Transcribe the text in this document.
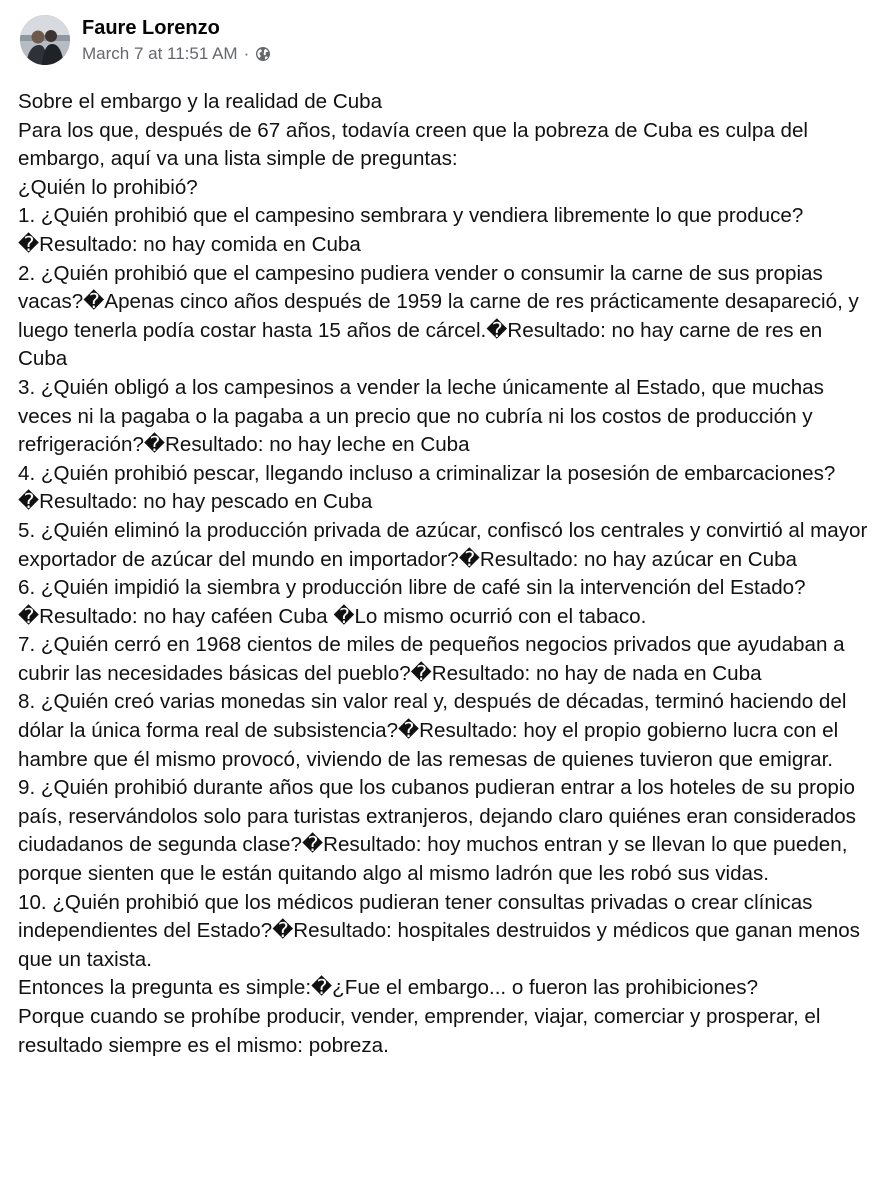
Faure Lorenzo
March 7 at 11:51 AM ·

Sobre el embargo y la realidad de Cuba

Para los que, después de 67 años, todavía creen que la pobreza de Cuba es culpa del embargo, aquí va una lista simple de preguntas:

¿Quién lo prohibió?

1. ¿Quién prohibió que el campesino sembrara y vendiera libremente lo que produce?�Resultado: no hay comida en Cuba

2. ¿Quién prohibió que el campesino pudiera vender o consumir la carne de sus propias vacas?�Apenas cinco años después de 1959 la carne de res prácticamente desapareció, y luego tenerla podía costar hasta 15 años de cárcel.�Resultado: no hay carne de res en Cuba

3. ¿Quién obligó a los campesinos a vender la leche únicamente al Estado, que muchas veces ni la pagaba o la pagaba a un precio que no cubría ni los costos de producción y refrigeración?�Resultado: no hay leche en Cuba

4. ¿Quién prohibió pescar, llegando incluso a criminalizar la posesión de embarcaciones?�Resultado: no hay pescado en Cuba

5. ¿Quién eliminó la producción privada de azúcar, confiscó los centrales y convirtió al mayor exportador de azúcar del mundo en importador?�Resultado: no hay azúcar en Cuba

6. ¿Quién impidió la siembra y producción libre de café sin la intervención del Estado?�Resultado: no hay caféen Cuba �Lo mismo ocurrió con el tabaco.

7. ¿Quién cerró en 1968 cientos de miles de pequeños negocios privados que ayudaban a cubrir las necesidades básicas del pueblo?�Resultado: no hay de nada en Cuba

8. ¿Quién creó varias monedas sin valor real y, después de décadas, terminó haciendo del dólar la única forma real de subsistencia?�Resultado: hoy el propio gobierno lucra con el hambre que él mismo provocó, viviendo de las remesas de quienes tuvieron que emigrar.

9. ¿Quién prohibió durante años que los cubanos pudieran entrar a los hoteles de su propio país, reservándolos solo para turistas extranjeros, dejando claro quiénes eran considerados ciudadanos de segunda clase?�Resultado: hoy muchos entran y se llevan lo que pueden, porque sienten que le están quitando algo al mismo ladrón que les robó sus vidas.

10. ¿Quién prohibió que los médicos pudieran tener consultas privadas o crear clínicas independientes del Estado?�Resultado: hospitales destruidos y médicos que ganan menos que un taxista.

Entonces la pregunta es simple:�¿Fue el embargo... o fueron las prohibiciones?

Porque cuando se prohíbe producir, vender, emprender, viajar, comerciar y prosperar, el resultado siempre es el mismo: pobreza.
